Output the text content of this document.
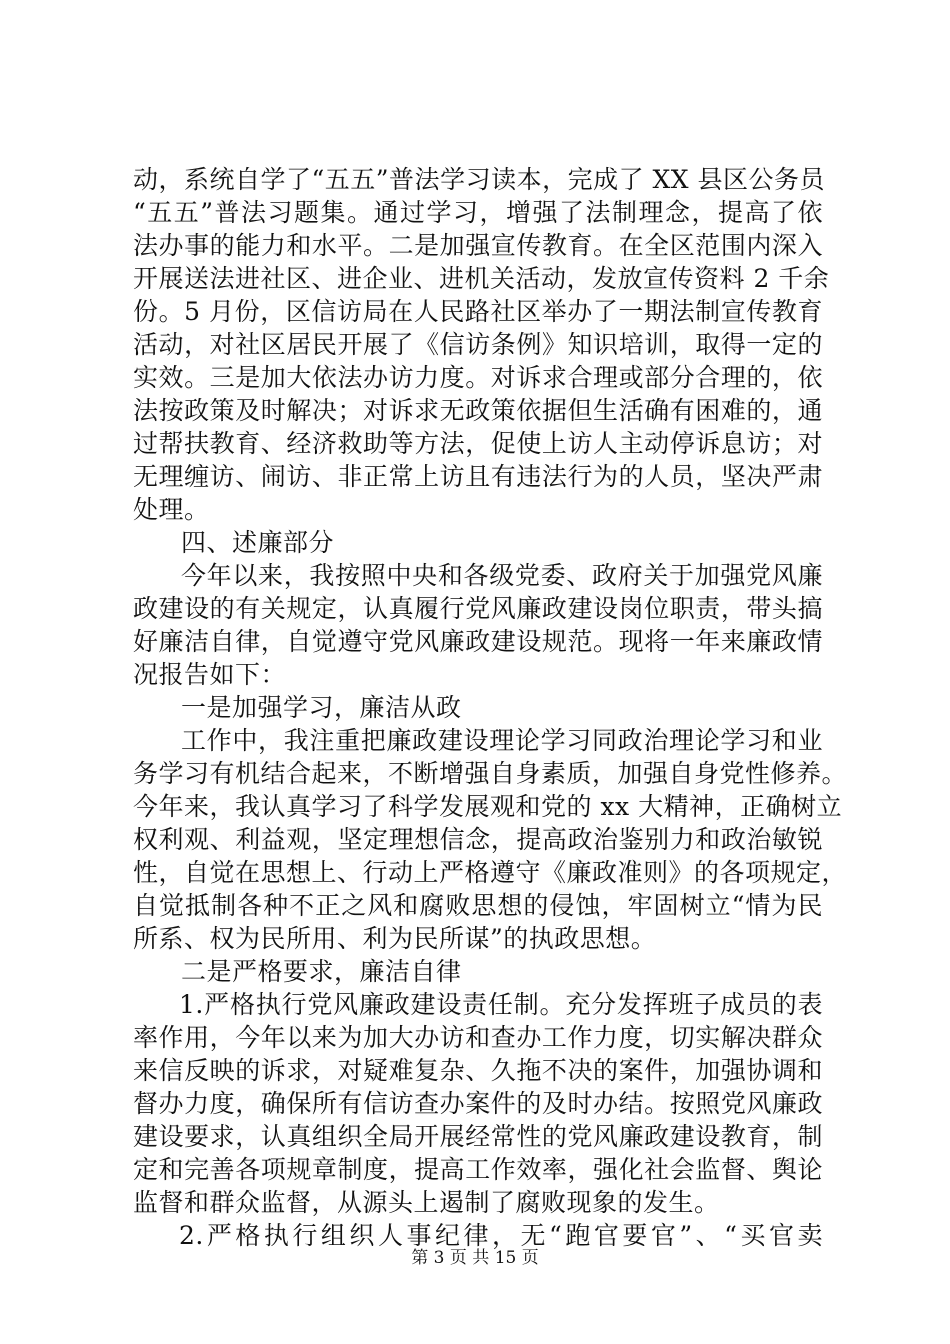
动，系统自学了“五五”普法学习读本，完成了 XX 县区公务员
“五五”普法习题集。通过学习，增强了法制理念，提高了依
法办事的能力和水平。二是加强宣传教育。在全区范围内深入
开展送法进社区、进企业、进机关活动，发放宣传资料 2 千余
份。5 月份，区信访局在人民路社区举办了一期法制宣传教育
活动，对社区居民开展了《信访条例》知识培训，取得一定的
实效。三是加大依法办访力度。对诉求合理或部分合理的，依
法按政策及时解决；对诉求无政策依据但生活确有困难的，通
过帮扶教育、经济救助等方法，促使上访人主动停诉息访；对
无理缠访、闹访、非正常上访且有违法行为的人员，坚决严肃
处理。
四、述廉部分
今年以来，我按照中央和各级党委、政府关于加强党风廉
政建设的有关规定，认真履行党风廉政建设岗位职责，带头搞
好廉洁自律，自觉遵守党风廉政建设规范。现将一年来廉政情
况报告如下：
一是加强学习，廉洁从政
工作中，我注重把廉政建设理论学习同政治理论学习和业
务学习有机结合起来，不断增强自身素质，加强自身党性修养。
今年来，我认真学习了科学发展观和党的 xx 大精神，正确树立
权利观、利益观，坚定理想信念，提高政治鉴别力和政治敏锐
性，自觉在思想上、行动上严格遵守《廉政准则》的各项规定，
自觉抵制各种不正之风和腐败思想的侵蚀，牢固树立“情为民
所系、权为民所用、利为民所谋”的执政思想。
二是严格要求，廉洁自律
1.严格执行党风廉政建设责任制。充分发挥班子成员的表
率作用，今年以来为加大办访和查办工作力度，切实解决群众
来信反映的诉求，对疑难复杂、久拖不决的案件，加强协调和
督办力度，确保所有信访查办案件的及时办结。按照党风廉政
建设要求，认真组织全局开展经常性的党风廉政建设教育，制
定和完善各项规章制度，提高工作效率，强化社会监督、舆论
监督和群众监督，从源头上遏制了腐败现象的发生。
2.严格执行组织人事纪律，无“跑官要官”、“买官卖
第 3 页 共 15 页
